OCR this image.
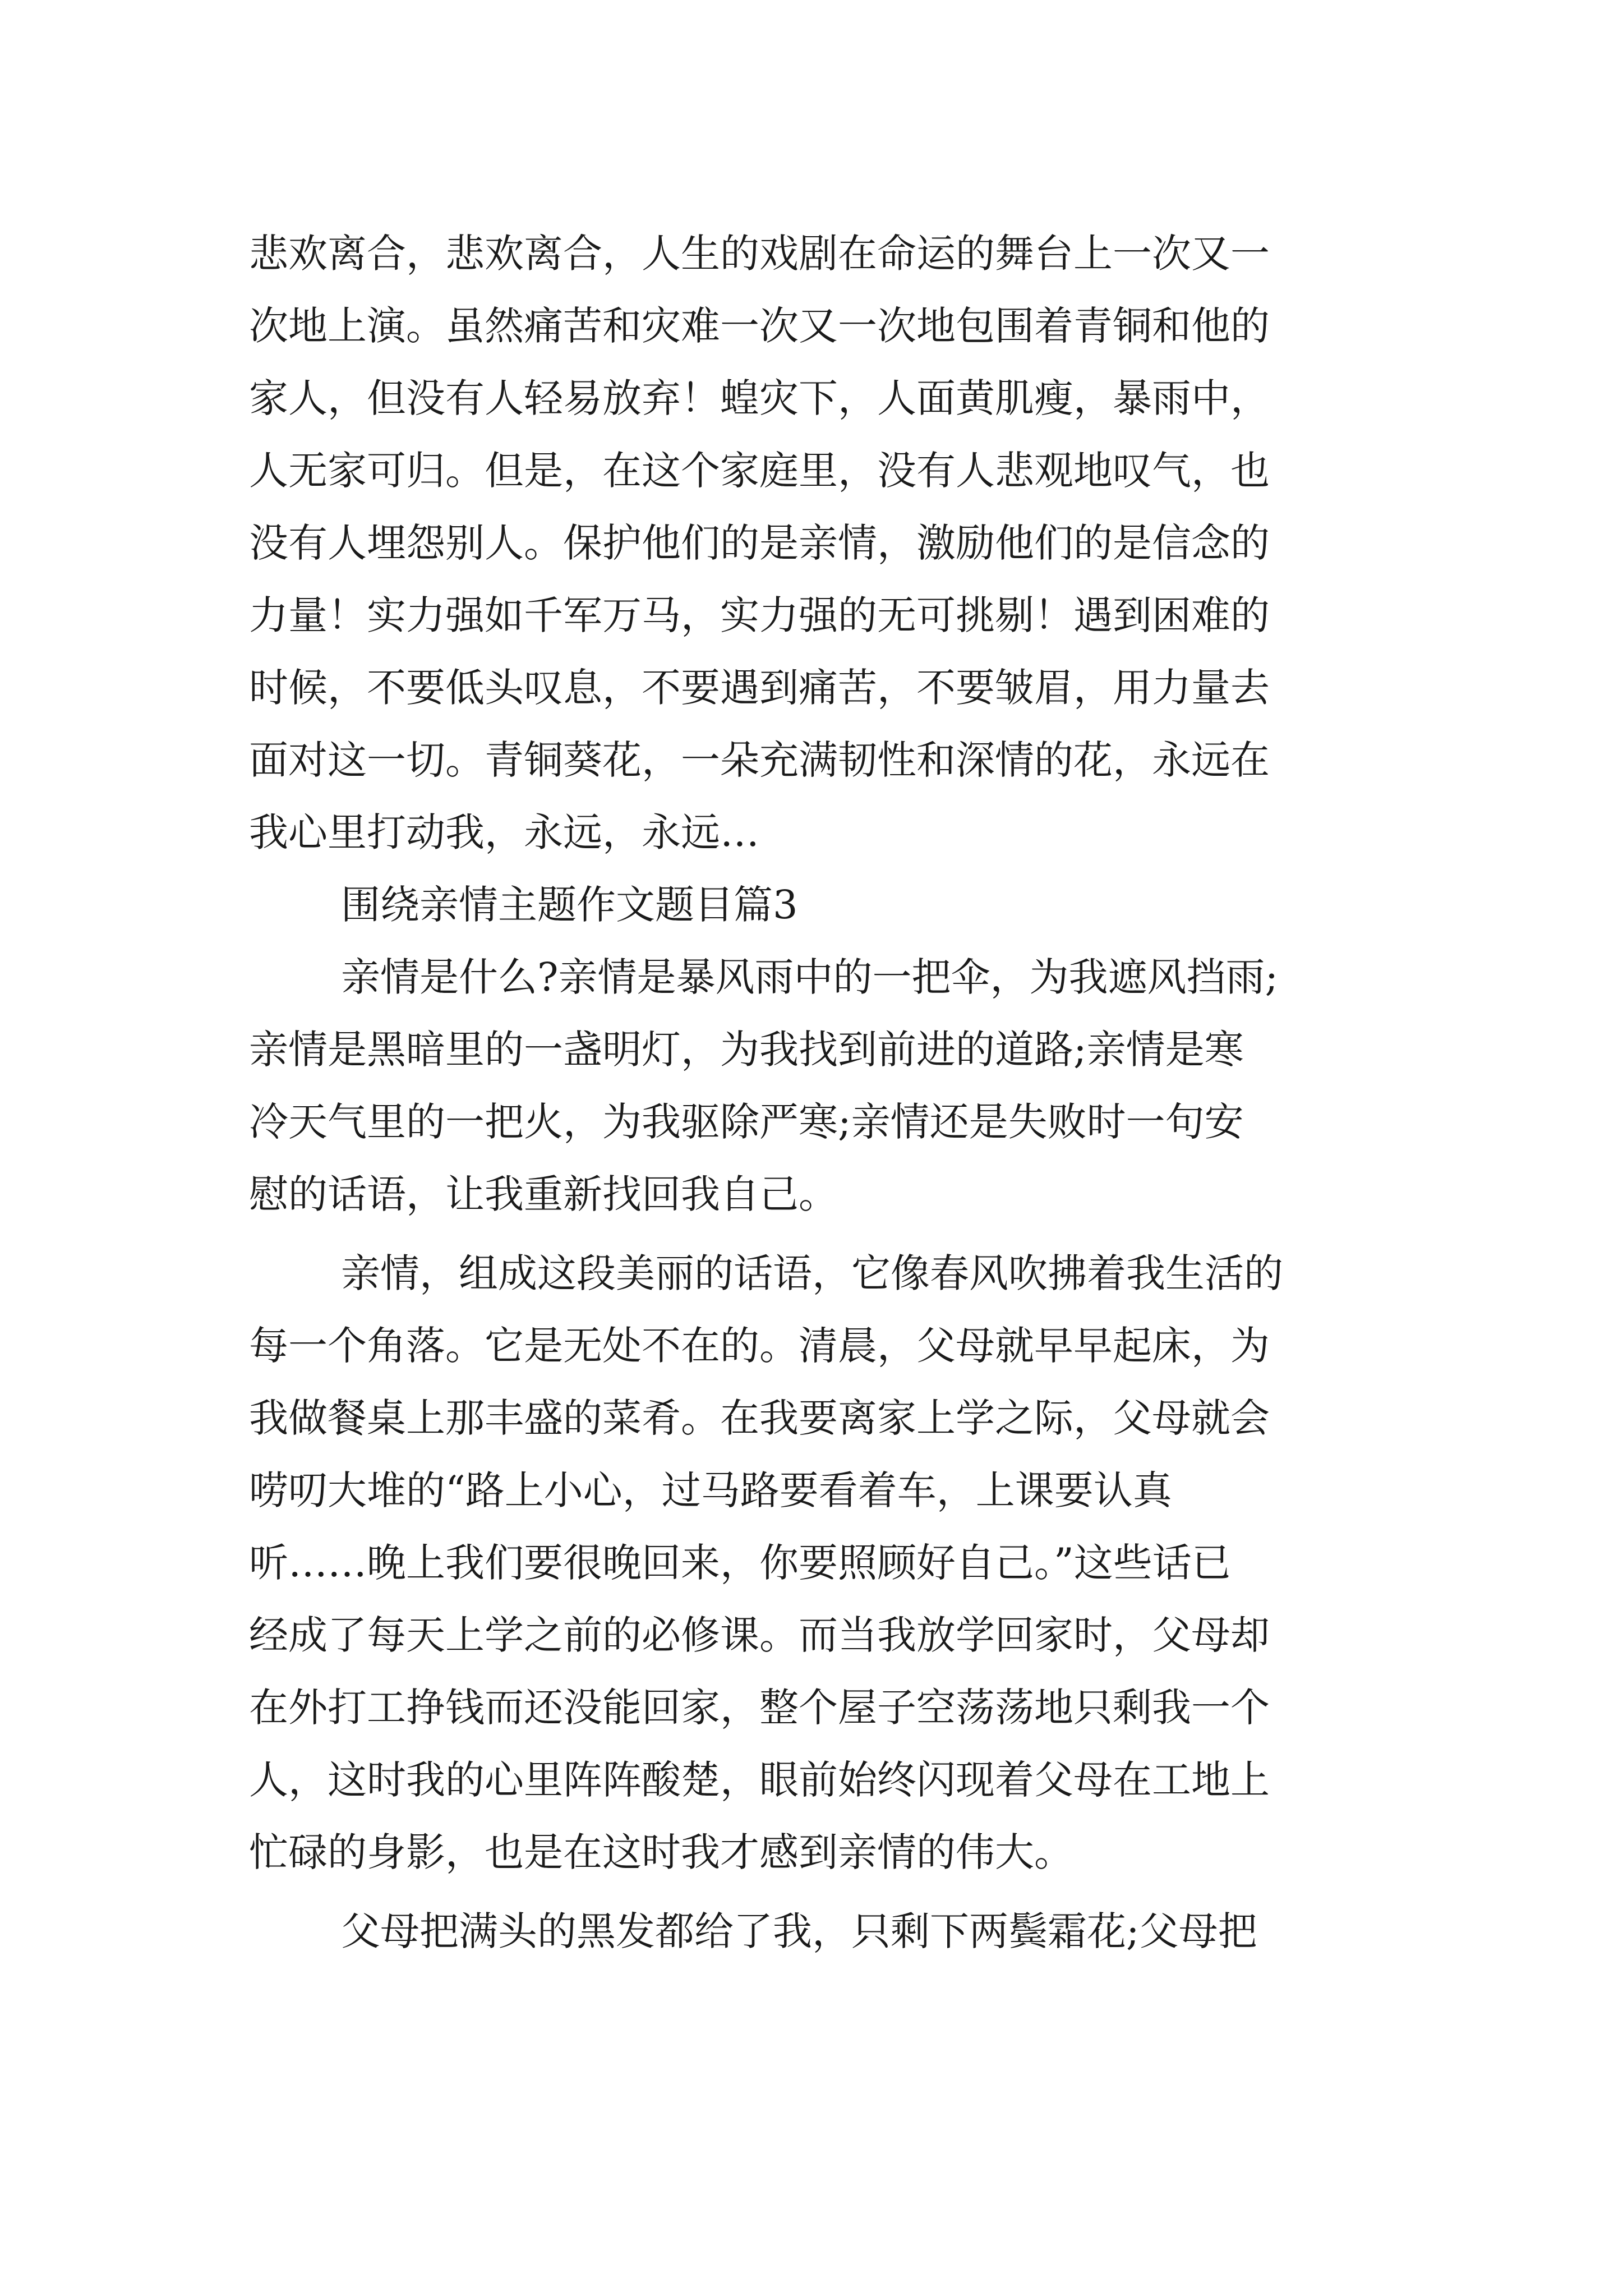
悲欢离合，悲欢离合，人生的戏剧在命运的舞台上一次又一
次地上演。虽然痛苦和灾难一次又一次地包围着青铜和他的
家人，但没有人轻易放弃！蝗灾下，人面黄肌瘦，暴雨中，
人无家可归。但是，在这个家庭里，没有人悲观地叹气，也
没有人埋怨别人。保护他们的是亲情，激励他们的是信念的
力量！实力强如千军万马，实力强的无可挑剔！遇到困难的
时候，不要低头叹息，不要遇到痛苦，不要皱眉，用力量去
面对这一切。青铜葵花，一朵充满韧性和深情的花，永远在
我心里打动我，永远，永远…
围绕亲情主题作文题目篇3
亲情是什么?亲情是暴风雨中的一把伞，为我遮风挡雨;
亲情是黑暗里的一盏明灯，为我找到前进的道路;亲情是寒
冷天气里的一把火，为我驱除严寒;亲情还是失败时一句安
慰的话语，让我重新找回我自己。
亲情，组成这段美丽的话语，它像春风吹拂着我生活的
每一个角落。它是无处不在的。清晨，父母就早早起床，为
我做餐桌上那丰盛的菜肴。在我要离家上学之际，父母就会
唠叨大堆的“路上小心，过马路要看着车，上课要认真
听……晚上我们要很晚回来，你要照顾好自己。”这些话已
经成了每天上学之前的必修课。而当我放学回家时，父母却
在外打工挣钱而还没能回家，整个屋子空荡荡地只剩我一个
人，这时我的心里阵阵酸楚，眼前始终闪现着父母在工地上
忙碌的身影，也是在这时我才感到亲情的伟大。
父母把满头的黑发都给了我，只剩下两鬓霜花;父母把
